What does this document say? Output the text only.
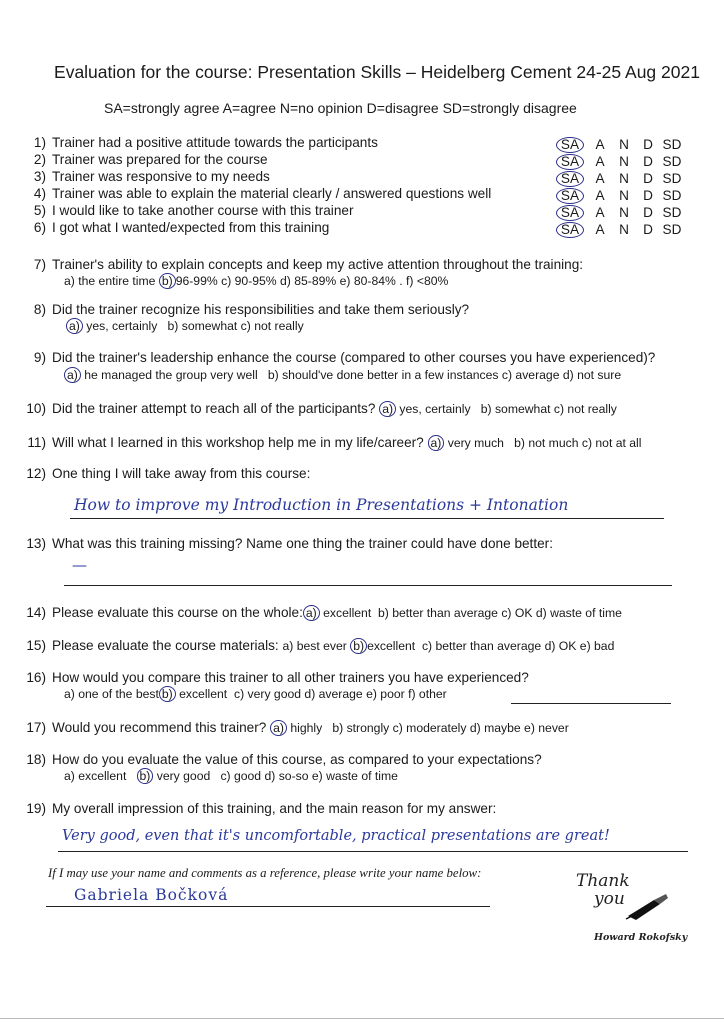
Evaluation for the course: Presentation Skills – Heidelberg Cement 24-25 Aug 2021
SA=strongly agree A=agree N=no opinion D=disagree SD=strongly disagree
1) Trainer had a positive attitude towards the participants	SA A N D SD
2) Trainer was prepared for the course	SA A N D SD
3) Trainer was responsive to my needs	SA A N D SD
4) Trainer was able to explain the material clearly / answered questions well	SA A N D SD
5) I would like to take another course with this trainer	SA A N D SD
6) I got what I wanted/expected from this training	SA A N D SD
7) Trainer's ability to explain concepts and keep my active attention throughout the training:
a) the entire time b) 96-99% c) 90-95% d) 85-89% e) 80-84% . f) <80%
8) Did the trainer recognize his responsibilities and take them seriously?
a) yes, certainly b) somewhat c) not really
9) Did the trainer's leadership enhance the course (compared to other courses you have experienced)?
a) he managed the group very well b) should've done better in a few instances c) average d) not sure
10) Did the trainer attempt to reach all of the participants? a) yes, certainly b) somewhat c) not really
11) Will what I learned in this workshop help me in my life/career? a) very much b) not much c) not at all
12) One thing I will take away from this course:
How to improve my Introduction in Presentations + Intonation
13) What was this training missing? Name one thing the trainer could have done better:
—
14) Please evaluate this course on the whole: a) excellent b) better than average c) OK d) waste of time
15) Please evaluate the course materials: a) best ever b) excellent c) better than average d) OK e) bad
16) How would you compare this trainer to all other trainers you have experienced?
a) one of the best b) excellent c) very good d) average e) poor f) other
17) Would you recommend this trainer? a) highly b) strongly c) moderately d) maybe e) never
18) How do you evaluate the value of this course, as compared to your expectations?
a) excellent b) very good c) good d) so-so e) waste of time
19) My overall impression of this training, and the main reason for my answer:
Very good, even that it's uncomfortable, practical presentations are great!
If I may use your name and comments as a reference, please write your name below:
Gabriela Bočková
Thank
you
Howard Rokofsky
